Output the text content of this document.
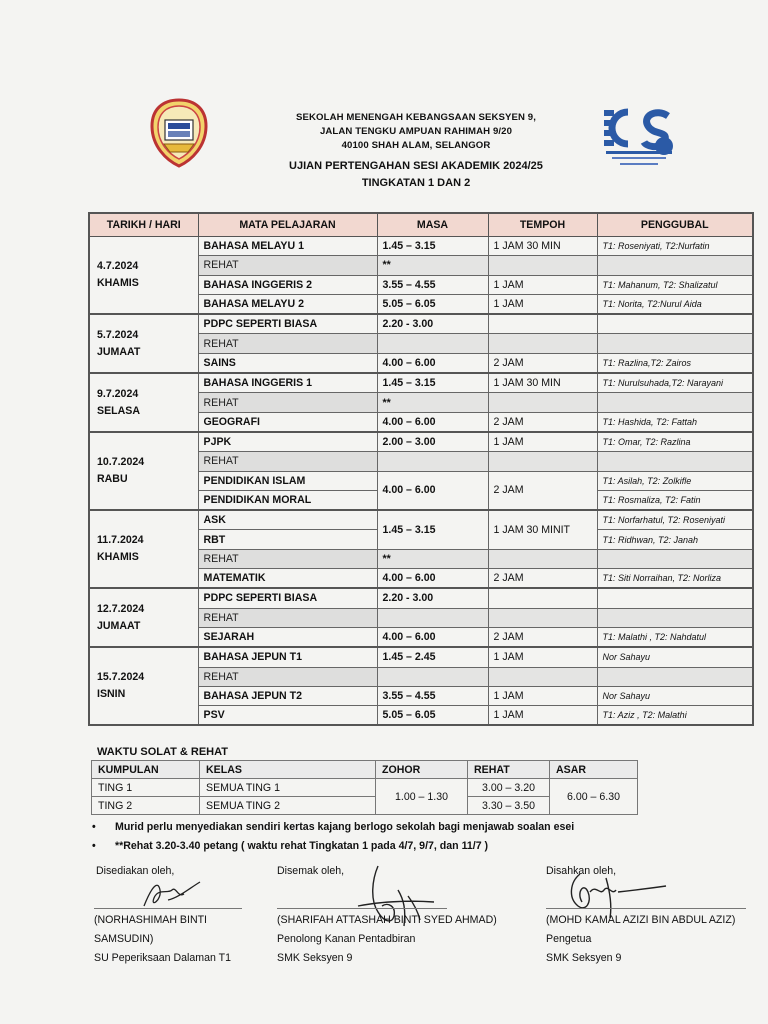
SEKOLAH MENENGAH KEBANGSAAN SEKSYEN 9,
JALAN TENGKU AMPUAN RAHIMAH 9/20
40100 SHAH ALAM, SELANGOR
UJIAN PERTENGAHAN SESI AKADEMIK 2024/25
TINGKATAN 1 DAN 2
TARIKH / HARI	MATA PELAJARAN	MASA	TEMPOH	PENGGUBAL

4.7.2024
KHAMIS	BAHASA MELAYU 1	1.45 – 3.15	1 JAM 30 MIN	T1: Roseniyati, T2:Nurfatin
	REHAT	**		
	BAHASA INGGERIS 2	3.55 – 4.55	1 JAM	T1: Mahanum, T2: Shalizatul
	BAHASA MELAYU 2	5.05 – 6.05	1 JAM	T1: Norita, T2:Nurul Aida

5.7.2024
JUMAAT	PDPC SEPERTI BIASA	2.20 - 3.00		
	REHAT			
	SAINS	4.00 – 6.00	2 JAM	T1: Razlina,T2: Zairos

9.7.2024
SELASA	BAHASA INGGERIS 1	1.45 – 3.15	1 JAM 30 MIN	T1: Nurulsuhada,T2: Narayani
	REHAT	**		
	GEOGRAFI	4.00 – 6.00	2 JAM	T1: Hashida, T2: Fattah

10.7.2024
RABU	PJPK	2.00 – 3.00	1 JAM	T1: Omar, T2: Razlina
	REHAT			
	PENDIDIKAN ISLAM	4.00 – 6.00	2 JAM	T1: Asilah, T2: Zolkifle
	PENDIDIKAN MORAL			T1: Rosmaliza, T2: Fatin

11.7.2024
KHAMIS	ASK	1.45 – 3.15	1 JAM 30 MINIT	T1: Norfarhatul, T2: Roseniyati
	RBT			T1: Ridhwan, T2: Janah
	REHAT	**		
	MATEMATIK	4.00 – 6.00	2 JAM	T1: Siti Norraihan, T2: Norliza

12.7.2024
JUMAAT	PDPC SEPERTI BIASA	2.20 - 3.00		
	REHAT			
	SEJARAH	4.00 – 6.00	2 JAM	T1: Malathi , T2: Nahdatul

15.7.2024
ISNIN	BAHASA JEPUN T1	1.45 – 2.45	1 JAM	Nor Sahayu
	REHAT			
	BAHASA JEPUN T2	3.55 – 4.55	1 JAM	Nor Sahayu
	PSV	5.05 – 6.05	1 JAM	T1: Aziz , T2: Malathi
WAKTU SOLAT & REHAT
KUMPULAN	KELAS	ZOHOR	REHAT	ASAR
TING 1	SEMUA TING 1	1.00 – 1.30	3.00 – 3.20	6.00 – 6.30
TING 2	SEMUA TING 2		3.30 – 3.50	
• Murid perlu menyediakan sendiri kertas kajang berlogo sekolah bagi menjawab soalan esei
• **Rehat 3.20-3.40 petang ( waktu rehat Tingkatan 1 pada 4/7, 9/7, dan 11/7 )
Disediakan oleh,
(NORHASHIMAH BINTI
SAMSUDIN)
SU Peperiksaan Dalaman T1
Disemak oleh,
(SHARIFAH ATTASHAH BINTI SYED AHMAD)
Penolong Kanan Pentadbiran
SMK Seksyen 9
Disahkan oleh,
(MOHD KAMAL AZIZI BIN ABDUL AZIZ)
Pengetua
SMK Seksyen 9
